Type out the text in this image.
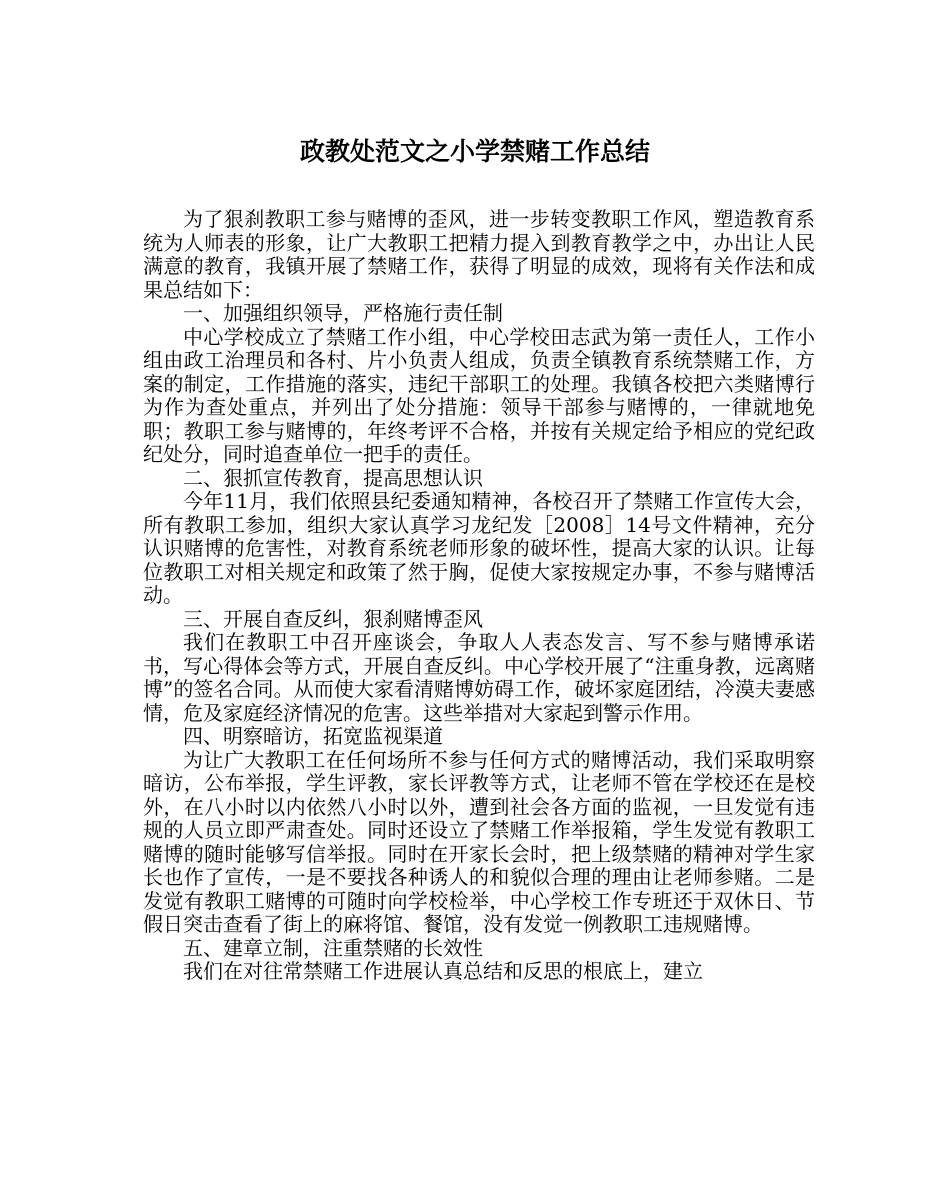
政教处范文之小学禁赌工作总结

为了狠刹教职工参与赌博的歪风，进一步转变教职工作风，塑造教育系统为人师表的形象，让广大教职工把精力提入到教育教学之中，办出让人民满意的教育，我镇开展了禁赌工作，获得了明显的成效，现将有关作法和成果总结如下：

一、加强组织领导，严格施行责任制

中心学校成立了禁赌工作小组，中心学校田志武为第一责任人，工作小组由政工治理员和各村、片小负责人组成，负责全镇教育系统禁赌工作，方案的制定，工作措施的落实，违纪干部职工的处理。我镇各校把六类赌博行为作为查处重点，并列出了处分措施：领导干部参与赌博的，一律就地免职；教职工参与赌博的，年终考评不合格，并按有关规定给予相应的党纪政纪处分，同时追查单位一把手的责任。

二、狠抓宣传教育，提高思想认识

今年11月，我们依照县纪委通知精神，各校召开了禁赌工作宣传大会，所有教职工参加，组织大家认真学习龙纪发［2008］14号文件精神，充分认识赌博的危害性，对教育系统老师形象的破坏性，提高大家的认识。让每位教职工对相关规定和政策了然于胸，促使大家按规定办事，不参与赌博活动。

三、开展自查反纠，狠刹赌博歪风

我们在教职工中召开座谈会，争取人人表态发言、写不参与赌博承诺书，写心得体会等方式，开展自查反纠。中心学校开展了“注重身教，远离赌博”的签名合同。从而使大家看清赌博妨碍工作，破坏家庭团结，冷漠夫妻感情，危及家庭经济情况的危害。这些举措对大家起到警示作用。

四、明察暗访，拓宽监视渠道

为让广大教职工在任何场所不参与任何方式的赌博活动，我们采取明察暗访，公布举报，学生评教，家长评教等方式，让老师不管在学校还在是校外，在八小时以内依然八小时以外，遭到社会各方面的监视，一旦发觉有违规的人员立即严肃查处。同时还设立了禁赌工作举报箱，学生发觉有教职工赌博的随时能够写信举报。同时在开家长会时，把上级禁赌的精神对学生家长也作了宣传，一是不要找各种诱人的和貌似合理的理由让老师参赌。二是发觉有教职工赌博的可随时向学校检举，中心学校工作专班还于双休日、节假日突击查看了街上的麻将馆、餐馆，没有发觉一例教职工违规赌博。

五、建章立制，注重禁赌的长效性

我们在对往常禁赌工作进展认真总结和反思的根底上，建立
